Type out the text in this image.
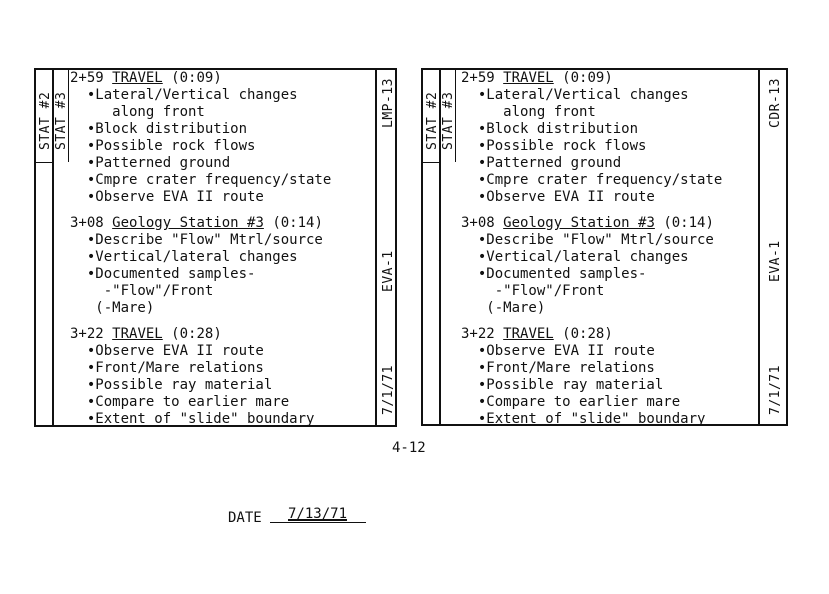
STAT #2 STAT #3	LMP-13
EVA-1
7/1/71
2+59 TRAVEL (0:09)
•Lateral/Vertical changes
along front
•Block distribution
•Possible rock flows
•Patterned ground
•Cmpre crater frequency/state
•Observe EVA II route
3+08 Geology Station #3 (0:14)
•Describe "Flow" Mtrl/source
•Vertical/lateral changes
•Documented samples-
-"Flow"/Front
(-Mare)
3+22 TRAVEL (0:28)
•Observe EVA II route
•Front/Mare relations
•Possible ray material
•Compare to earlier mare
•Extent of "slide" boundary
STAT #2 STAT #3	CDR-13
EVA-1
7/1/71
2+59 TRAVEL (0:09)
•Lateral/Vertical changes
along front
•Block distribution
•Possible rock flows
•Patterned ground
•Cmpre crater frequency/state
•Observe EVA II route
3+08 Geology Station #3 (0:14)
•Describe "Flow" Mtrl/source
•Vertical/lateral changes
•Documented samples-
-"Flow"/Front
(-Mare)
3+22 TRAVEL (0:28)
•Observe EVA II route
•Front/Mare relations
•Possible ray material
•Compare to earlier mare
•Extent of "slide" boundary
4-12
DATE 7/13/71
